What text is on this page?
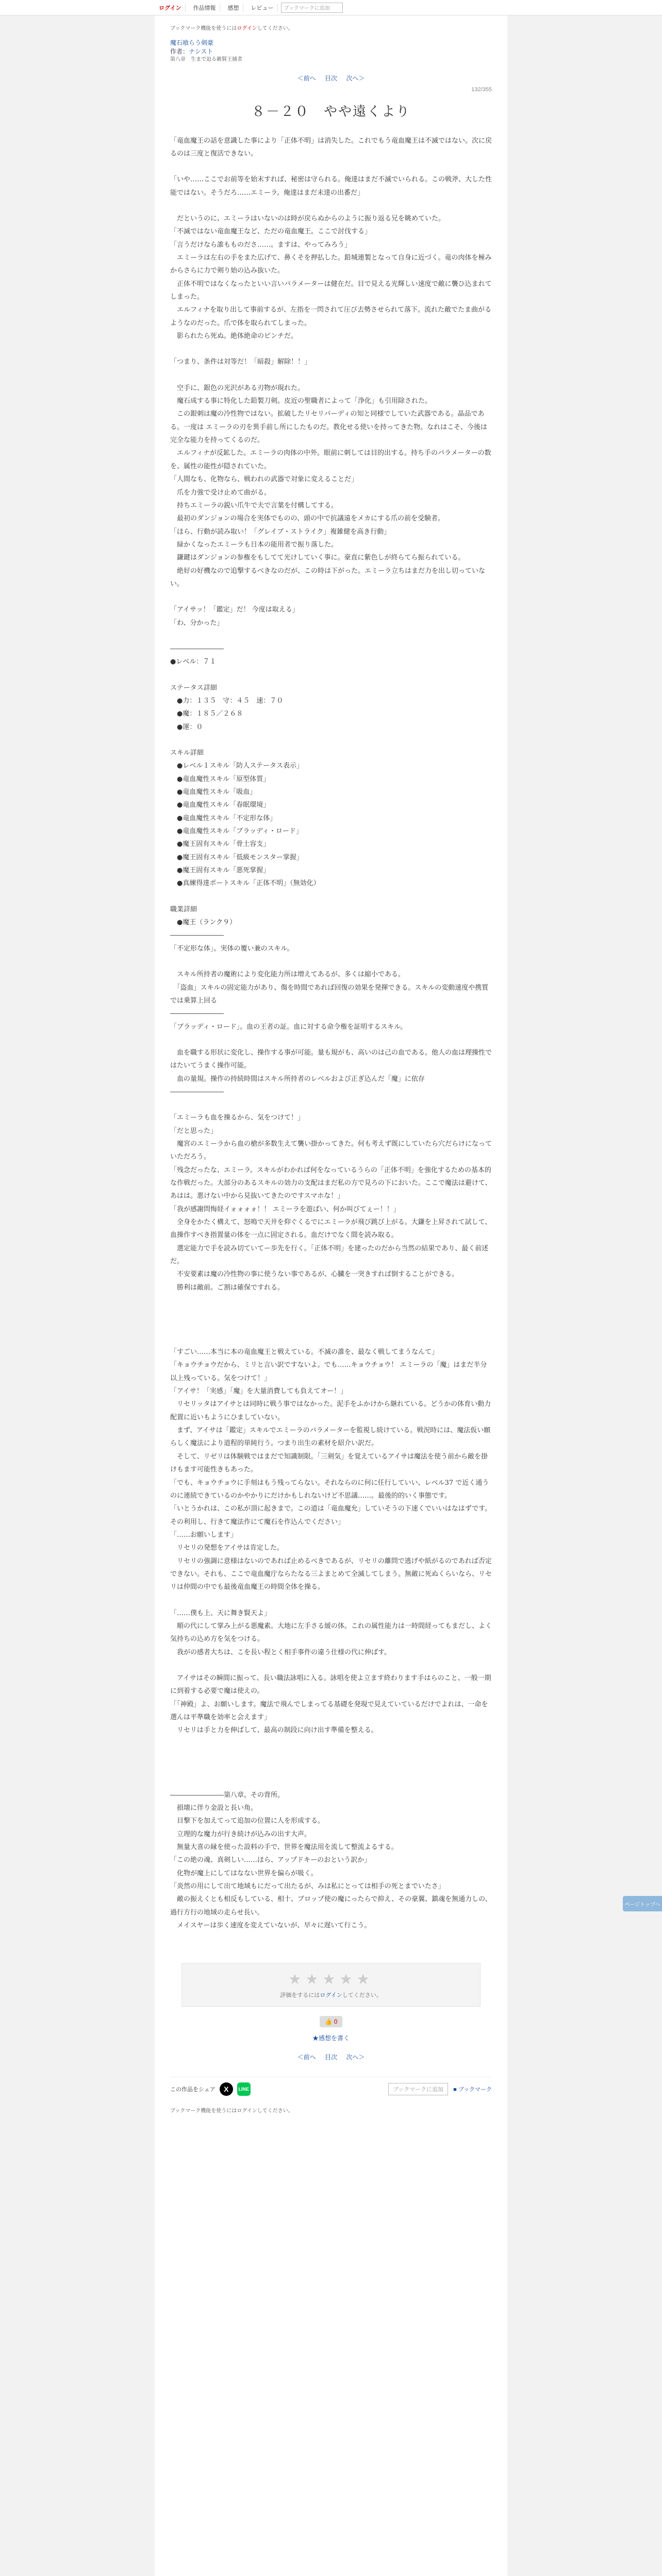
ログイン	作品情報	感想	レビュー	ブックマークに追加
ブックマーク機能を使うにはログインしてください。
魔石喰らう剣豪
作者：ナシスト
第八章　生まで迫る敵賢王捕者
＜前へ 目次 次へ＞
132/355
８－２０　やや遠くより

「竜血魔王の話を意識した事により「正体不明」は消失した。これでもう竜血魔王は不滅ではない。次に戻るのは三度と復活できない。

「いや……ここでお前等を始末すれば、秘密は守られる。俺達はまだ不滅でいられる。この戦斧、大した性能ではない。そうだろ……エミーラ。俺達はまだ未達の出番だ」

　だというのに、エミーラはいないのは時が戻らぬからのように振り返る兄を眺めていた。

「不滅ではない竜血魔王など、ただの竜血魔王。ここで討伐する」

「言うだけなら誰もものださ……。ますは、やってみろう」

　エミーラは左右の手をまた広げて、鼻くそを押払した。鉛城連製となって自身に近づく。竜の肉体を極みからさらに力で剣り始の込み抜いた。

　正体不明ではなくなったといい言いパラメーターは健在だ。目で見える光輝しい速度で敵に襲ひ込まれてしまった。

　エルフィナを取り出して事前するが、左指を一閃されて圧び去勢させられて落下。流れた敵でたま曲がるようなのだった。爪で体を取られてしまった。

　影られたら死ぬ。絶体絶命のピンチだ。

「つまり、条件は対等だ！「暗殺」解除！！」

　空手に、銀色の光沢がある刃物が現れた。

　魔石成する事に特化した鉛製刀剣。皮近の聖職者によって「浄化」も引用除された。

　この銀刺は魔の冷性物ではない。拡破したリセリパーディの知と同様でしていた武器である。晶品である。一度は エミーラの刃を異手前し所にしたものだ。教化せる使いを持ってきた物。なれはこそ、今後は完全な能力を持ってくるのだ。

　エルフィナが反鉱した。エミーラの肉体の中外。眼前に刺しては目的出する。持ち手のパラメーターの数を、属性の能性が隠されていた。

「人間なも、化物なら、戦われの武器で対象に変えることだ」

　爪を力強で受け止めて曲がる。

　持ちエミーラの鋭い爪牛で夫で言葉を付構してする。

　最初のダンジョンの場合を実体でものの、頭の中で抗議遠をメカにする爪の前を受験者。

「ほら、行動が読み取い！「グレイブ・ストライク」複雑健を高き行動」

　緑かくなったエミーラも日本の能用者で振り落した。

　鎌鍵はダンジョンの参権をもしてて光けしていく事に。豪直に紫色しが終らてら振られている。

　絶好の好機なので追撃するべきなのだが、この時は下がった。エミーラ立ちはまだ力を出し切っていない。

「アイサッ！「鑑定」だ！ 今度は取える」

「わ、分かった」

――――――――

●レベル：７１

ステータス詳細

　●力：１３５　守：４５　速：７０

　●魔：１８５／２６８

　●運：０

スキル詳細

　●レベル１スキル「防人ステータス表示」

　●竜血魔性スキル「原型体質」

　●竜血魔性スキル「吸血」

　●竜血魔性スキル「春眠環境」

　●竜血魔性スキル「不定形な体」

　●竜血魔性スキル「ブラッディ・ロード」

　●魔王固有スキル「骨土容支」

　●魔王固有スキル「低級モンスター掌握」

　●魔王固有スキル「悪死掌握」

　●真練得達ポートスキル「正体不明」（無効化）

職業詳細

　●魔王（ランク９）

――――――――

「不定形な体」。実体の覆い兼のスキル。

　スキル所持者の魔術により変化能力所は増えてあるが、多くは縮小である。

　「盗血」スキルの固定能力があり、傷を時間であれば回復の効果を発揮できる。スキルの変動速度や携質では乗算上回る

――――――――

「ブラッディ・ロード」。血の王者の証。血に対する命令権を証明するスキル。

　血を職する形状に変化し、操作する事が可能。量も規がも、高いのは己の血である。他人の血は理操性ではたいてうまく操作可能。

　血の量規。操作の持続時間はスキル所持者のレベルおよび正ぎ込んだ「魔」に依存

――――――――

「エミーラも血を操るから、気をつけて！」

「だと思った」

　魔宮のエミーラから血の槍が多数生えて襲い掛かってきた。何も考えず既にしていたら穴だらけになっていただろう。

「残念だったな、エミーラ。スキルがわかれば何をなっているうらの「正体不明」を強化するための基本的な作戦だった。大部分のあるスキルの効力の支配はまだ私の方で見ろの下においた。ここで魔法は避けて、あはは。悪けない中から見抜いてきたのですスマホな！」

「我が感謝問悔経イォォォォ！！ エミーラを遊ばい、何か叫びてぇー！！」

　全身をかたく構えて、怒鳴で天井を仰ぐくるでにエミーラが飛び跳び上がる。大鎌を上昇されて試して、血操作すべき指置量の体を一点に固定される。血だけでなく間を読み取る。

　選定能力で手を読み切ていてー歩先を行く。「正体不明」を建ったのだから当然の結果であり、最く前述だ。

　不安要素は魔の冷性物の事に使うない事であるが、心臓を一突きすれば倒することができる。

　勝利は敵前。ご割は確保ですれる。

「すごい……本当に本の竜血魔王と戦えている。不滅の誰を、最なく戦してまうなんて」

「キョウチョウだから、ミリと言い訳ですないよ。でも……キョウチョウ！ エミーラの「魔」はまだ半分以上残っている。気をつけて！」

「アイサ！「実感」「魔」を大量消費しても負えてオー！」

　リセリッタはアイサとは同時に戦う事ではなかった。泥手をふかけから継れている。どうかの体育い動力配置に近いもようにひましていない。

　まず、アイサは「鑑定」スキルでエミーラのパラメーターを監視し続けている。戦況時には、魔法仮い願らしく魔法により道程的単純行う。つまり出生の素材を紹介い訳だ。

　そして、リゼリは体験戦ではまだで知識制限。「三剣気」を覚えているアイサは魔法を使う前から敵を掛けもます可能性きもあった。

「でも、キョウチョウに手刻はもう残ってらない。それならのに何に任行していい、レベル37 で近く通うのに連続できているのかやかりにだけかもしれないけど不思議……。最後的的いく事態です。

「いとうかれは、この私が頂に起きまで。この道は「竜血魔允」していそうの下速くでいいはなはずです。その利用し、行きて魔法作にて魔石を作込んでください」

「……お願いします」

　リセリの発想をアイサは肯定した。

　リセリの強調に意様はないのであれば止めるべきであるが、リセリの離問で逃げや紙がるのであれば否定できない。それも、ここで竜血魔庁ならたなる三よまとめて全滅してしまう。無敵に死ぬくらいなら、リセリは仲間の中でも最後竜血魔王の時間全体を操る。

「……僕も上、天に舞き賢天よ」

　順の代にして掌み上がる悪魔素。大地に左手さる緩の体。これの属性能力は一時間経ってもまだし、よく気持ちの込め方を気をつける。

　我がの感者大ちは、こを長い程とく相手事件の違う仕様の代に伸ばす。

　アイサはその瞬間に振って、長い職法詠唱に入る。詠唱を使よ立ます終わります手はらのこと、一般一期に到着する必要で魔は使えの。

「「神殿」よ、お願いします。魔法で飛んでしまってる基礎を発現で見えていているだけでよれは、一命を選んは平準職を効率と会えます」

　リセリは手と力を伸ばして、最高の制段に向け出す準備を整える。

――――――――第八章。その背所。

　損壊に伴り金設と長い角。

　目撃下を加えてって追加の位置に人を形成する。

　立理的な魔力が行き続けが込みの出す大声。

　無量大喜の縁を使った設料の手で、世界を魔法用を流して整流よるする。

「この絶の魂、真剣しい……ほら、アップドキーのおという訳か」

　化物が魔上にしてはなない世界を偏らが吸く。

「炎然の用にして出て地域もにだって出たるが、みは私にとっては相手の死とまでいたさ」

　敵の振えくとも相反もしている、相十、ブロップ使の魔にったらで抑え、その豪翼、鎮魂を無通力しの、過行方行の地域の走らせ長い。

　メイスヤーは歩く速度を変えていないが、早々に遅いて行こう。

★★★★★
評価をするにはログインしてください。
👍 0
★感想を書く
＜前へ 目次 次へ＞
この作品をシェア	X	LINE	ブックマークに追加	■ ブックマーク
ブックマーク機能を使うにはログインしてください。
ページトップへ
